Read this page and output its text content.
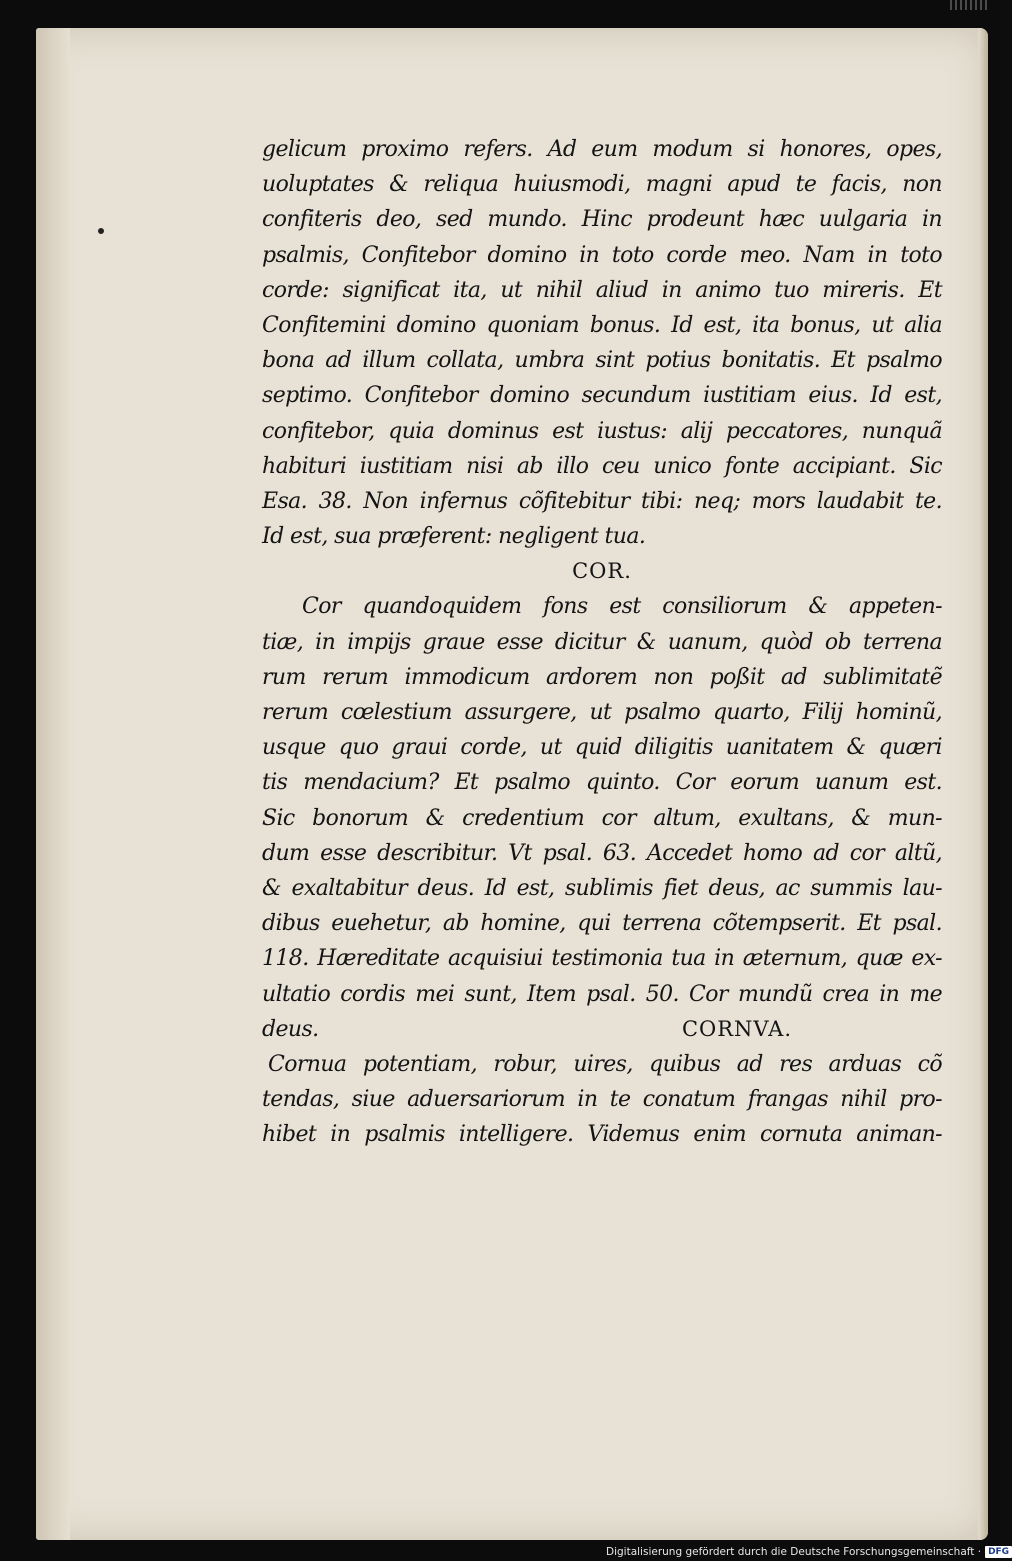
gelicum proximo refers. Ad eum modum si honores, opes,
uoluptates & reliqua huiusmodi, magni apud te facis, non
confiteris deo, sed mundo. Hinc prodeunt hæc uulgaria in
psalmis, Confitebor domino in toto corde meo. Nam in toto
corde: significat ita, ut nihil aliud in animo tuo mireris. Et
Confitemini domino quoniam bonus. Id est, ita bonus, ut alia
bona ad illum collata, umbra sint potius bonitatis. Et psalmo
septimo. Confitebor domino secundum iustitiam eius. Id est,
confitebor, quia dominus est iustus: alij peccatores, nunquã
habituri iustitiam nisi ab illo ceu unico fonte accipiant. Sic
Esa. 38. Non infernus cõfitebitur tibi: neq; mors laudabit te.
Id est, sua præferent: negligent tua.
COR.
Cor quandoquidem fons est consiliorum & appeten-
tiæ, in impijs graue esse dicitur & uanum, quòd ob terrena
rum rerum immodicum ardorem non poßit ad sublimitatẽ
rerum cœlestium assurgere, ut psalmo quarto, Filij hominũ,
usque quo graui corde, ut quid diligitis uanitatem & quæri
tis mendacium? Et psalmo quinto. Cor eorum uanum est.
Sic bonorum & credentium cor altum, exultans, & mun-
dum esse describitur. Vt psal. 63. Accedet homo ad cor altũ,
& exaltabitur deus. Id est, sublimis fiet deus, ac summis lau-
dibus euehetur, ab homine, qui terrena cõtempserit. Et psal.
118. Hæreditate acquisiui testimonia tua in æternum, quæ ex-
ultatio cordis mei sunt, Item psal. 50. Cor mundũ crea in me
deus.	CORNVA.
Cornua potentiam, robur, uires, quibus ad res arduas cõ
tendas, siue aduersariorum in te conatum frangas nihil pro-
hibet in psalmis intelligere. Videmus enim cornuta animan-
Digitalisierung gefördert durch die Deutsche Forschungsgemeinschaft · DFG
